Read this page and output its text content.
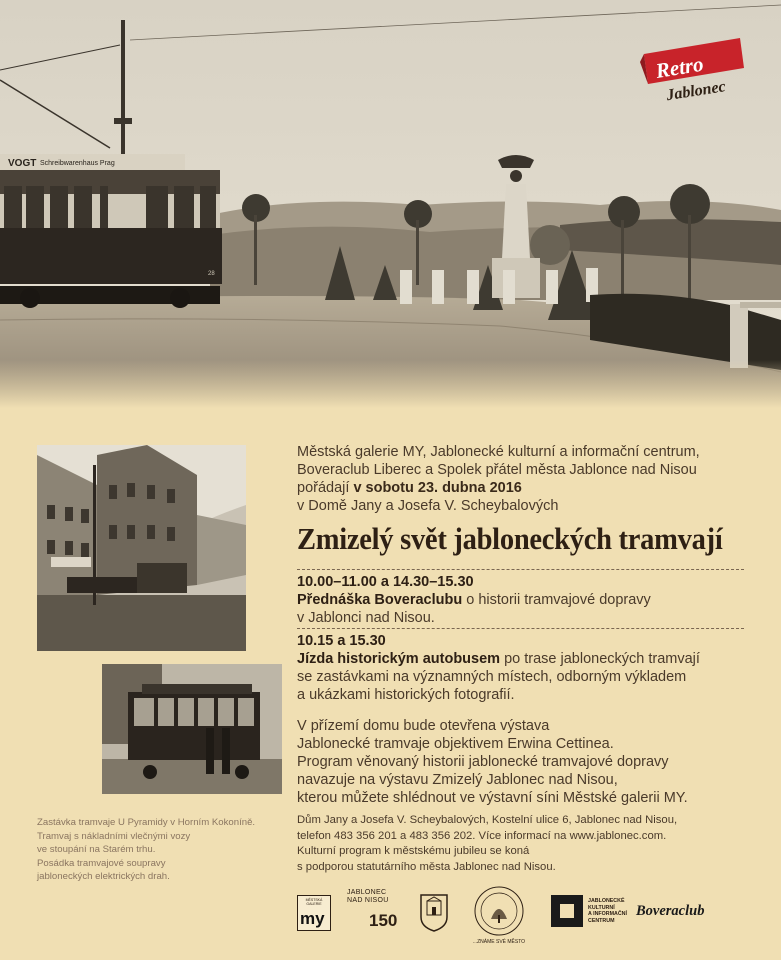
VOGT Schreibwarenhaus Prag
28
Retro
Jablonec

Městská galerie MY, Jablonecké kulturní a informační centrum,

Boveraclub Liberec a Spolek přátel města Jablonce nad Nisou

pořádají v sobotu 23. dubna 2016

v Domě Jany a Josefa V. Scheybalových

Zmizelý svět jabloneckých tramvají

10.00–11.00 a 14.30–15.30

Přednáška Boveraclubu o historii tramvajové dopravy

v Jablonci nad Nisou.

10.15 a 15.30

Jízda historickým autobusem po trase jabloneckých tramvají

se zastávkami na významných místech, odborným výkladem

a ukázkami historických fotografií.

V přízemí domu bude otevřena výstava

Jablonecké tramvaje objektivem Erwina Cettinea.

Program věnovaný historii jablonecké tramvajové dopravy

navazuje na výstavu Zmizelý Jablonec nad Nisou,

kterou můžete shlédnout ve výstavní síni Městské galerii MY.

Dům Jany a Josefa V. Scheybalových, Kostelní ulice 6, Jablonec nad Nisou,

telefon 483 356 201 a 483 356 202. Více informací na www.jablonec.com.

Kulturní program k městskému jubileu se koná

s podporou statutárního města Jablonec nad Nisou.

Zastávka tramvaje U Pyramidy v Horním Kokoníně.

Tramvaj s nákladními vlečnými vozy

ve stoupání na Starém trhu.

Posádka tramvajové soupravy

jabloneckých elektrických drah.

MĚSTSKÁ GALERIE
my
JABLONEC NAD NISOU
150
...ZNÁME SVÉ MĚSTO
JABLONECKÉ
KULTURNÍ
A INFORMAČNÍ
CENTRUM
Boveraclub
